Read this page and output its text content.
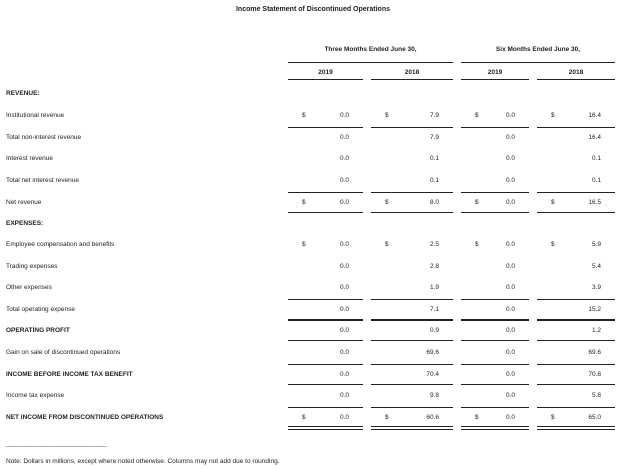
Income Statement of Discontinued Operations
Three Months Ended June 30,	Six Months Ended June 30,
2019	2018	2019	2018
REVENUE:
Institutional revenue	$	0.0	$	7.9	$	0.0	$	16.4
Total non-interest revenue	0.0	7.9	0.0	16.4
Interest revenue	0.0	0.1	0.0	0.1
Total net interest revenue	0.0	0.1	0.0	0.1
Net revenue	$	0.0	$	8.0	$	0.0	$	16.5
EXPENSES:
Employee compensation and benefits	$	0.0	$	2.5	$	0.0	$	5.9
Trading expenses	0.0	2.8	0.0	5.4
Other expenses	0.0	1.9	0.0	3.9
Total operating expense	0.0	7.1	0.0	15.2
OPERATING PROFIT	0.0	0.9	0.0	1.2
Gain on sale of discontinued operations	0.0	69.6	0.0	69.6
INCOME BEFORE INCOME TAX BENEFIT	0.0	70.4	0.0	70.8
Income tax expense	0.0	9.8	0.0	5.8
NET INCOME FROM DISCONTINUED OPERATIONS	$	0.0	$	60.6	$	0.0	$	65.0
________________________________
Note: Dollars in millions, except where noted otherwise. Columns may not add due to rounding.
